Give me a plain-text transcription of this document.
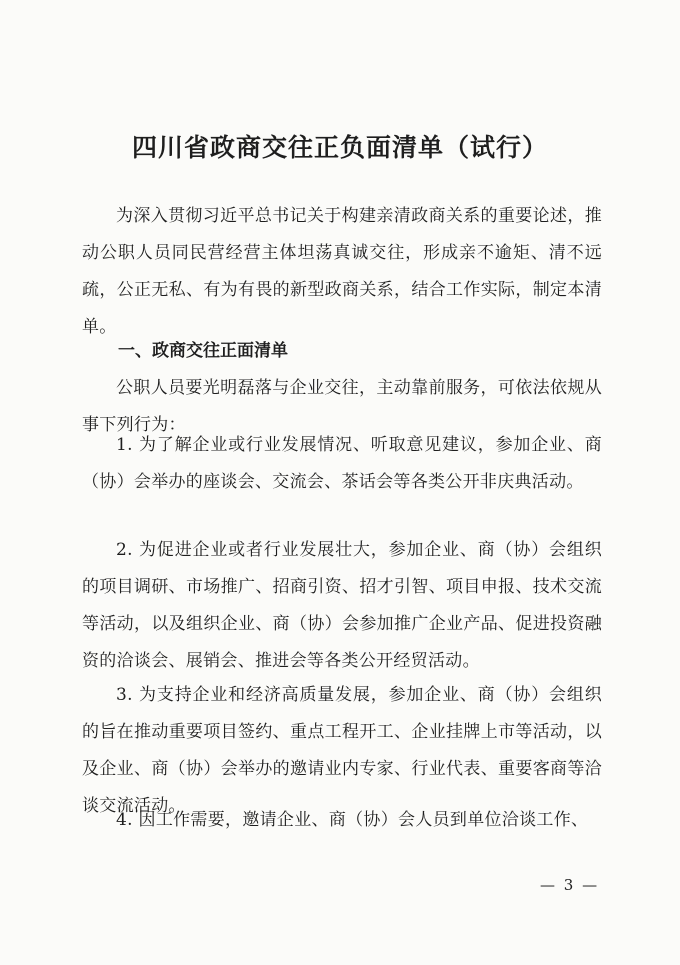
四川省政商交往正负面清单（试行）

为深入贯彻习近平总书记关于构建亲清政商关系的重要论述，推动公职人员同民营经营主体坦荡真诚交往，形成亲不逾矩、清不远疏，公正无私、有为有畏的新型政商关系，结合工作实际，制定本清单。

一、政商交往正面清单

公职人员要光明磊落与企业交往，主动靠前服务，可依法依规从事下列行为：

1. 为了解企业或行业发展情况、听取意见建议，参加企业、商（协）会举办的座谈会、交流会、茶话会等各类公开非庆典活动。

2. 为促进企业或者行业发展壮大，参加企业、商（协）会组织的项目调研、市场推广、招商引资、招才引智、项目申报、技术交流等活动，以及组织企业、商（协）会参加推广企业产品、促进投资融资的洽谈会、展销会、推进会等各类公开经贸活动。

3. 为支持企业和经济高质量发展，参加企业、商（协）会组织的旨在推动重要项目签约、重点工程开工、企业挂牌上市等活动，以及企业、商（协）会举办的邀请业内专家、行业代表、重要客商等洽谈交流活动。

4. 因工作需要，邀请企业、商（协）会人员到单位洽谈工作、

— 3 —
